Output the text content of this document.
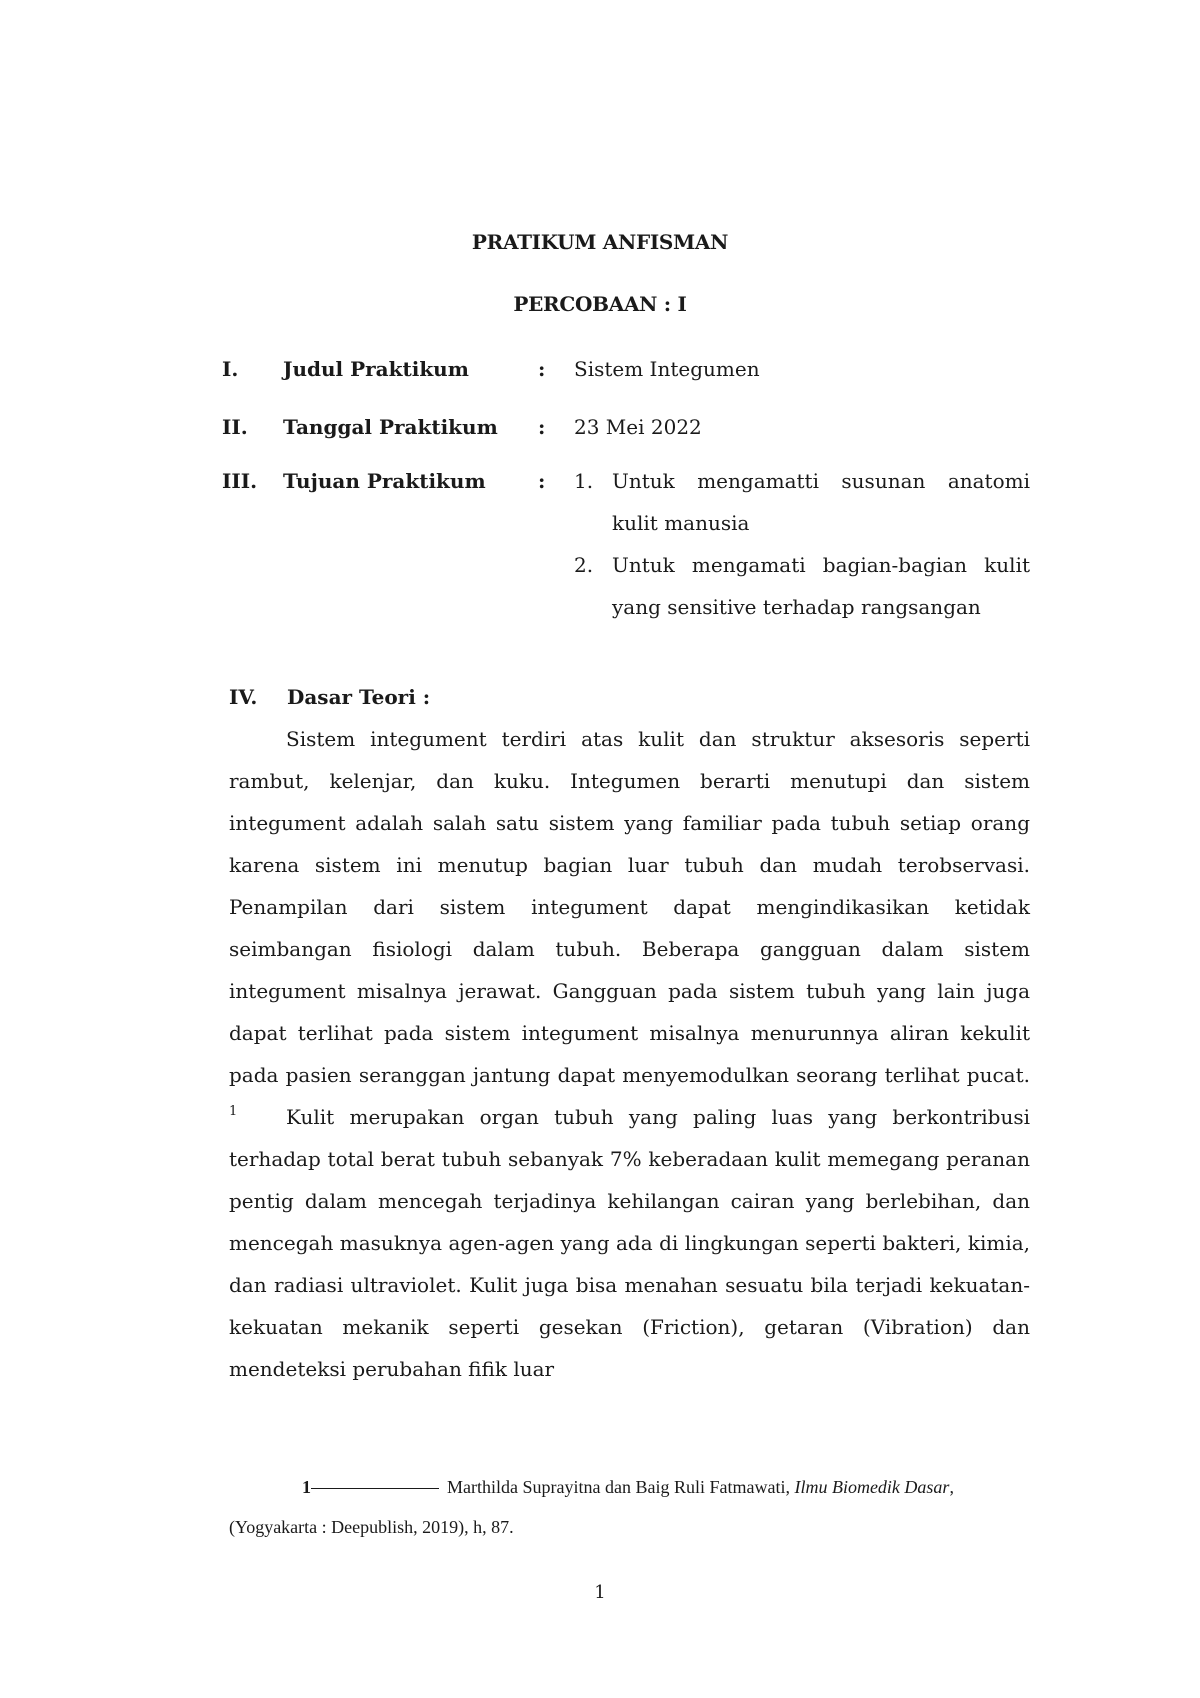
PRATIKUM ANFISMAN
PERCOBAAN : I
I. Judul Praktikum	: Sistem Integumen
II. Tanggal Praktikum : 23 Mei 2022
III. Tujuan Praktikum	: 1. Untuk mengamatti susunan anatomi kulit manusia
2. Untuk mengamati bagian-bagian kulit yang sensitive terhadap rangsangan
IV. Dasar Teori :

Sistem integument terdiri atas kulit dan struktur aksesoris seperti rambut, kelenjar, dan kuku. Integumen berarti menutupi dan sistem integument adalah salah satu sistem yang familiar pada tubuh setiap orang karena sistem ini menutup bagian luar tubuh dan mudah terobservasi. Penampilan dari sistem integument dapat mengindikasikan ketidak seimbangan fisiologi dalam tubuh. Beberapa gangguan dalam sistem integument misalnya jerawat. Gangguan pada sistem tubuh yang lain juga dapat terlihat pada sistem integument misalnya menurunnya aliran kekulit pada pasien seranggan jantung dapat menyemodulkan seorang terlihat pucat. $^1$	Kulit merupakan organ tubuh yang paling luas yang berkontribusi terhadap total berat tubuh sebanyak 7% keberadaan kulit memegang peranan pentig dalam mencegah terjadinya kehilangan cairan yang berlebihan, dan mencegah masuknya agen-agen yang ada di lingkungan seperti bakteri, kimia, dan radiasi ultraviolet. Kulit juga bisa menahan sesuatu bila terjadi kekuatan-kekuatan mekanik seperti gesekan (Friction), getaran (Vibration) dan mendeteksi perubahan fifik luar

1	Marthilda Suprayitna dan Baig Ruli Fatmawati, Ilmu Biomedik Dasar,
(Yogyakarta : Deepublish, 2019), h, 87.
1
